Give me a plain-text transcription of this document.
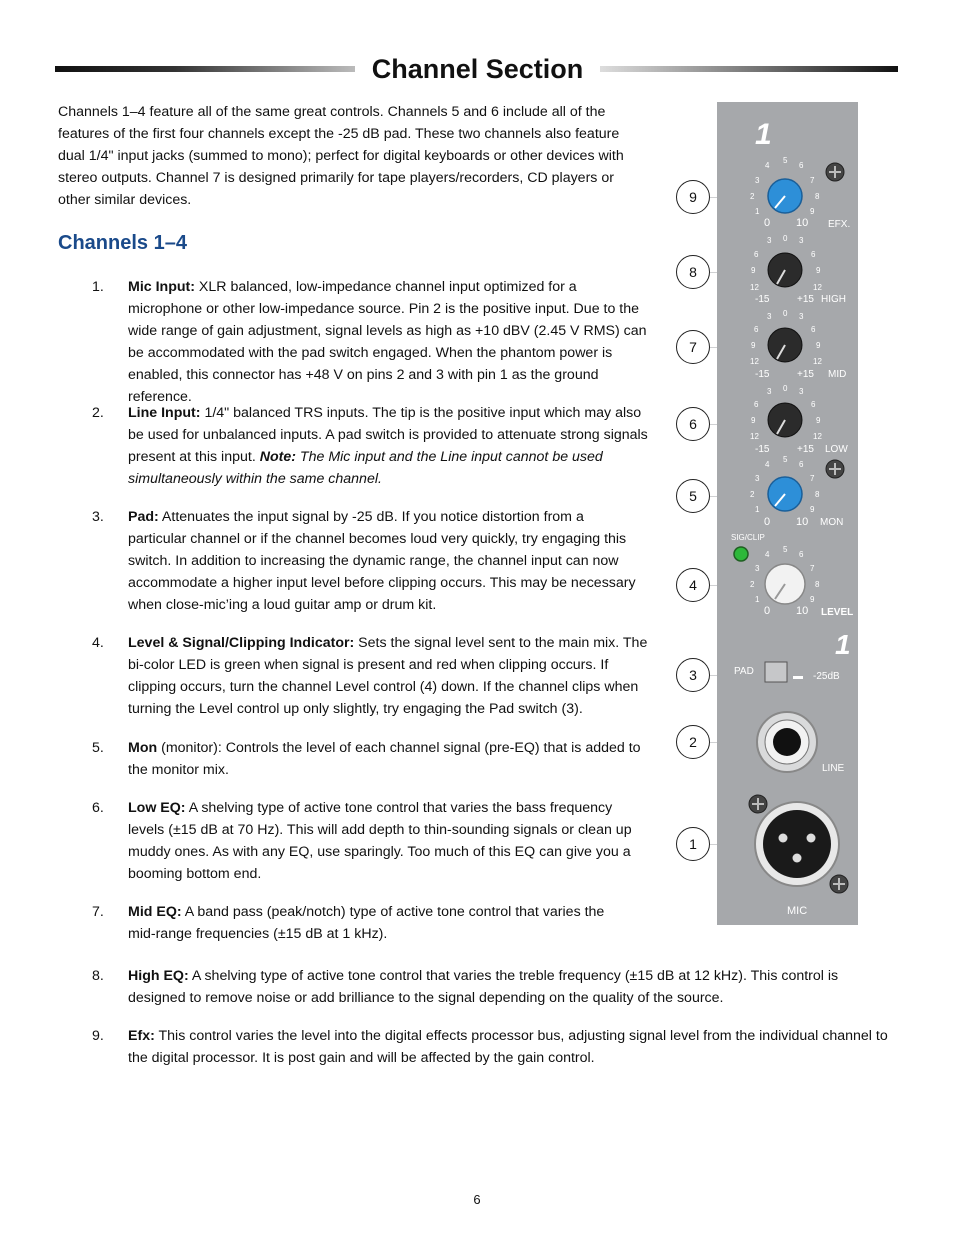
Channel Section
Channels 1–4 feature all of the same great controls. Channels 5 and 6 include all of the features of the first four channels except the -25 dB pad. These two channels also feature dual 1/4" input jacks (summed to mono); perfect for digital keyboards or other devices with stereo outputs. Channel 7 is designed primarily for tape players/recorders, CD players or other similar devices.
Channels 1–4
1.	Mic Input: XLR balanced, low-impedance channel input optimized for a microphone or other low-impedance source. Pin 2 is the positive input. Due to the wide range of gain adjustment, signal levels as high as +10 dBV (2.45 V RMS) can be accommodated with the pad switch engaged. When the phantom power is enabled, this connector has +48 V on pins 2 and 3 with pin 1 as the ground reference.
2.	Line Input: 1/4" balanced TRS inputs. The tip is the positive input which may also be used for unbalanced inputs. A pad switch is provided to attenuate strong signals present at this input. Note: The Mic input and the Line input cannot be used simultaneously within the same channel.
3.	Pad: Attenuates the input signal by -25 dB. If you notice distortion from a particular channel or if the channel becomes loud very quickly, try engaging this switch. In addition to increasing the dynamic range, the channel input can now accommodate a higher input level before clipping occurs. This may be necessary when close-mic’ing a loud guitar amp or drum kit.
4.	Level & Signal/Clipping Indicator: Sets the signal level sent to the main mix. The bi-color LED is green when signal is present and red when clipping occurs. If clipping occurs, turn the channel Level control (4) down. If the channel clips when turning the Level control up only slightly, try engaging the Pad switch (3).
5.	Mon (monitor): Controls the level of each channel signal (pre-EQ) that is added to the monitor mix.
6.	Low EQ: A shelving type of active tone control that varies the bass frequency levels (±15 dB at 70 Hz). This will add depth to thin-sounding signals or clean up muddy ones. As with any EQ, use sparingly. Too much of this EQ can give you a booming bottom end.
7.	Mid EQ: A band pass (peak/notch) type of active tone control that varies the mid-range frequencies (±15 dB at 1 kHz).
8.	High EQ: A shelving type of active tone control that varies the treble frequency (±15 dB at 12 kHz). This control is designed to remove noise or add brilliance to the signal depending on the quality of the source.
9.	Efx: This control varies the level into the digital effects processor bus, adjusting signal level from the individual channel to the digital processor. It is post gain and will be affected by the gain control.
1
4
5
6
3	7
2	8
1	9
0 10 EFX.
3 0 3
6	6
9	9
12	12
-15	+15 HIGH
3 0 3
6	6
9	9
12	12
-15	+15 MID
3 0 3
6	6
9	9
12	12
-15	+15 LOW
4
5
6
3	7
2	8
1	9
0 10 MON
SIG/CLIP
4
5
6
3	7
2	8
1	9
0 10 LEVEL
1
PAD	-25dB
LINE
MIC
9
8
7
6
5
4
3
2
1
6
